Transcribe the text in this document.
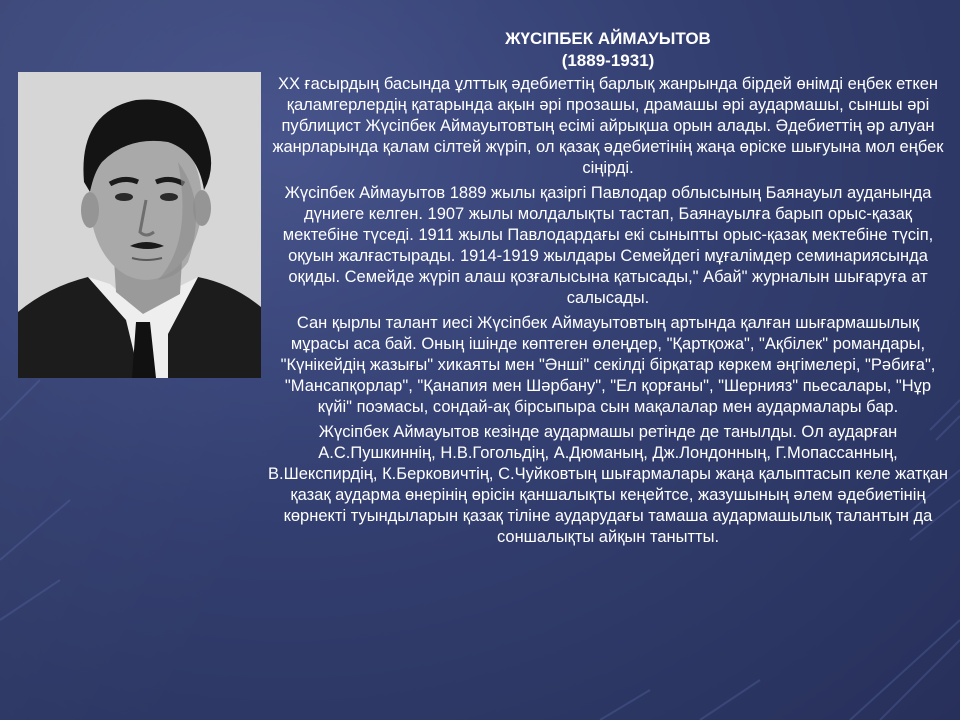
ЖҮСІПБЕК АЙМАУЫТОВ

(1889-1931)

ХХ ғасырдың басында ұлттық әдебиеттің барлық жанрында бірдей өнімді еңбек еткен қаламгерлердің қатарында ақын әрі прозашы, драмашы әрі аудармашы, сыншы әрі публицист Жүсіпбек Аймауытовтың есімі айрықша орын алады. Әдебиеттің әр алуан жанрларында қалам сілтей жүріп, ол қазақ әдебиетінің жаңа өріске шығуына мол еңбек сіңірді.

Жүсіпбек Аймауытов 1889 жылы қазіргі Павлодар облысының Баянауыл ауданында дүниеге келген. 1907 жылы молдалықты тастап, Баянауылға барып орыс-қазақ мектебіне түседі. 1911 жылы Павлодардағы екі сыныпты орыс-қазақ мектебіне түсіп, оқуын жалғастырады. 1914-1919 жылдары Семейдегі мұғалімдер семинариясында оқиды. Семейде жүріп алаш қозғалысына қатысады," Абай" журналын шығаруға ат салысады.

Сан қырлы талант иесі Жүсіпбек Аймауытовтың артында қалған шығармашылық мұрасы аса бай. Оның ішінде көптеген өлеңдер, "Қартқожа", "Ақбілек" романдары, "Күнікейдің жазығы" хикаяты мен "Әнші" секілді бірқатар көркем әңгімелері, "Рәбиға", "Мансапқорлар", "Қанапия мен Шәрбану", "Ел қорғаны", "Шернияз" пьесалары, "Нұр күйі" поэмасы, сондай-ақ бірсыпыра сын мақалалар мен аудармалары бар.

Жүсіпбек Аймауытов кезінде аудармашы ретінде де танылды. Ол аударған А.С.Пушкиннің, Н.В.Гогольдің, А.Дюманың, Дж.Лондонның, Г.Мопассанның, В.Шекспирдің, К.Берковичтің, С.Чуйковтың шығармалары жаңа қалыптасып келе жатқан қазақ аударма өнерінің өрісін қаншалықты кеңейтсе, жазушының әлем әдебиетінің көрнекті туындыларын қазақ тіліне аударудағы тамаша аудармашылық талантын да соншалықты айқын танытты.
